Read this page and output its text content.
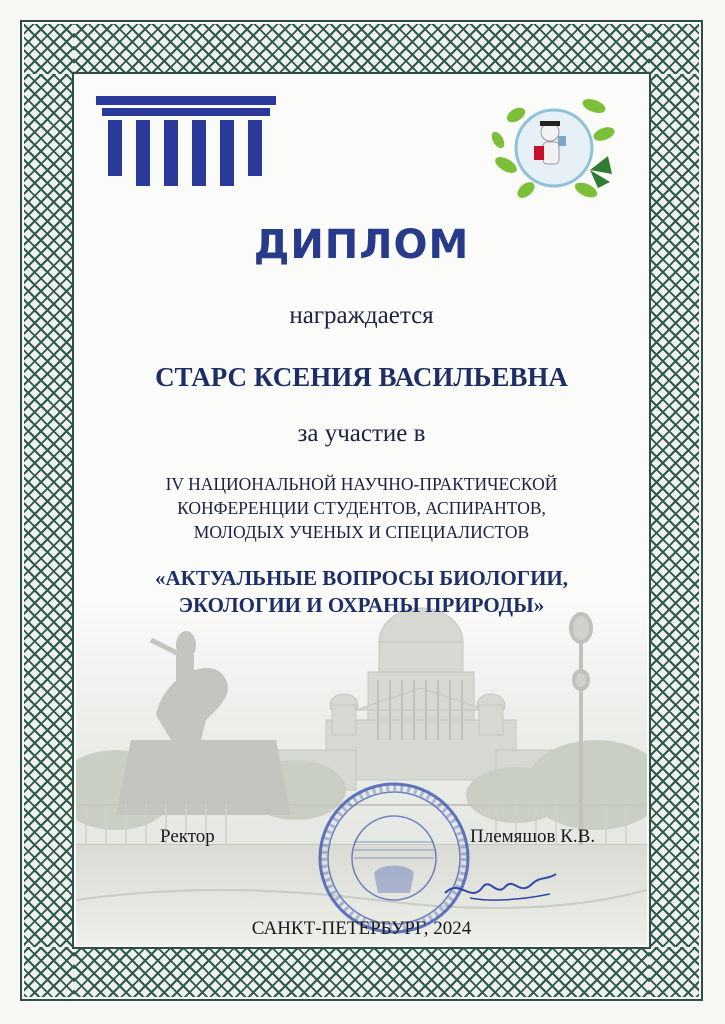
ДИПЛОМ
награждается
СТАРС КСЕНИЯ ВАСИЛЬЕВНА
за участие в
IV НАЦИОНАЛЬНОЙ НАУЧНО-ПРАКТИЧЕСКОЙ
КОНФЕРЕНЦИИ СТУДЕНТОВ, АСПИРАНТОВ,
МОЛОДЫХ УЧЕНЫХ И СПЕЦИАЛИСТОВ
«АКТУАЛЬНЫЕ ВОПРОСЫ БИОЛОГИИ,
ЭКОЛОГИИ И ОХРАНЫ ПРИРОДЫ»
Ректор	Племяшов К.В.
САНКТ-ПЕТЕРБУРГ, 2024
